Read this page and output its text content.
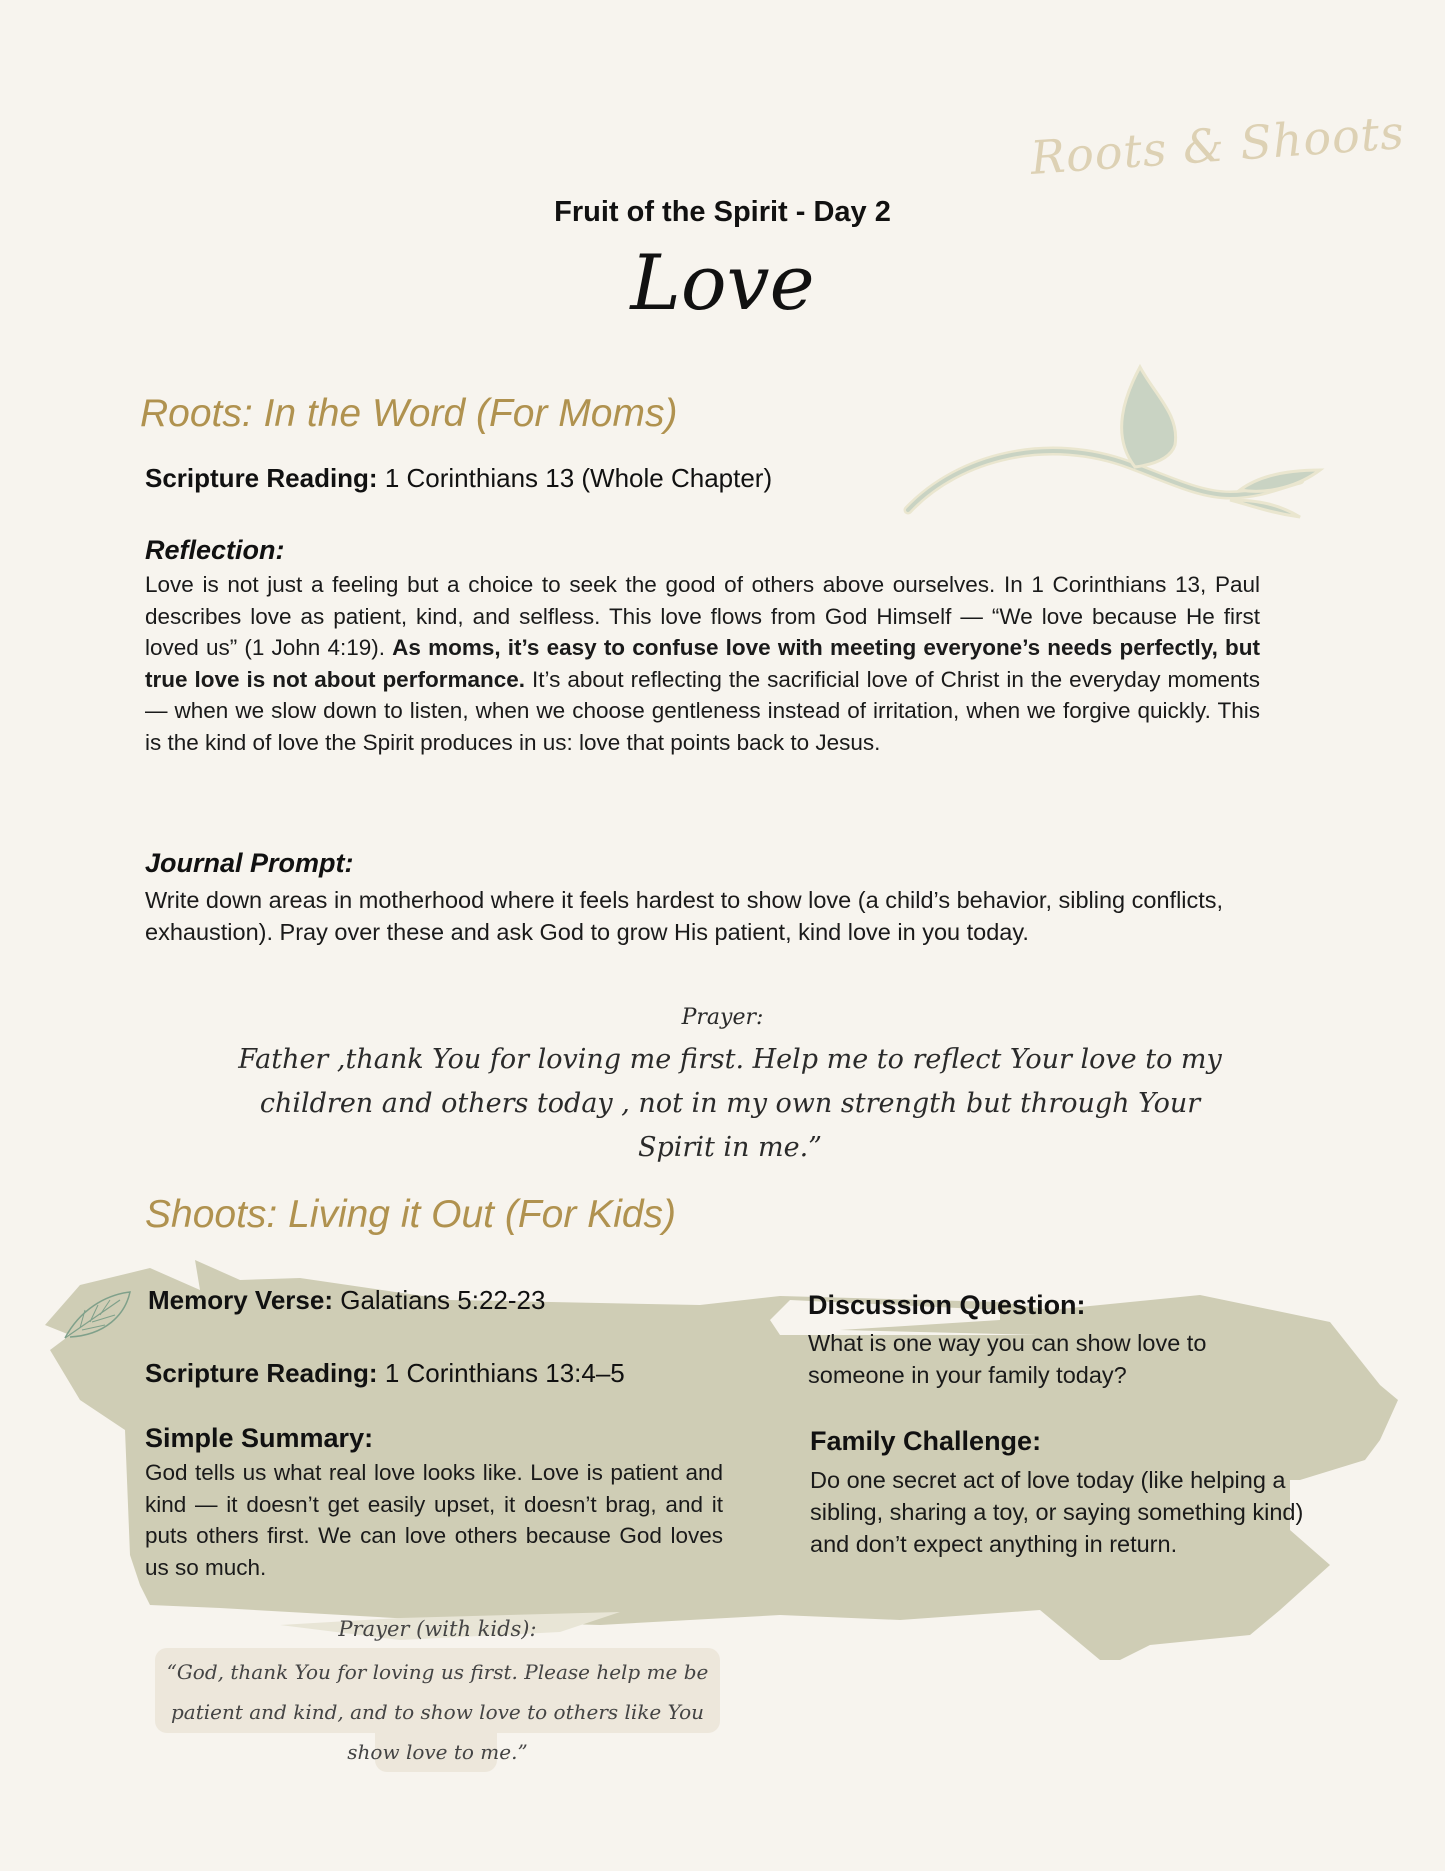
Roots & Shoots
Fruit of the Spirit - Day 2
Love
Roots: In the Word (For Moms)
Scripture Reading: 1 Corinthians 13 (Whole Chapter)
Reflection:
Love is not just a feeling but a choice to seek the good of others above ourselves. In 1 Corinthians 13, Paul describes love as patient, kind, and selfless. This love flows from God Himself — “We love because He first loved us” (1 John 4:19). As moms, it’s easy to confuse love with meeting everyone’s needs perfectly, but true love is not about performance. It’s about reflecting the sacrificial love of Christ in the everyday moments — when we slow down to listen, when we choose gentleness instead of irritation, when we forgive quickly. This is the kind of love the Spirit produces in us: love that points back to Jesus.
Journal Prompt:
Write down areas in motherhood where it feels hardest to show love (a child’s behavior, sibling conflicts, exhaustion). Pray over these and ask God to grow His patient, kind love in you today.
Prayer:
Father ,thank You for loving me first. Help me to reflect Your love to my children and others today , not in my own strength but through Your Spirit in me.”
Shoots: Living it Out (For Kids)
Memory Verse: Galatians 5:22-23
Scripture Reading: 1 Corinthians 13:4–5
Simple Summary:
God tells us what real love looks like. Love is patient and kind — it doesn’t get easily upset, it doesn’t brag, and it puts others first. We can love others because God loves us so much.
Discussion Question:
What is one way you can show love to someone in your family today?
Family Challenge:
Do one secret act of love today (like helping a sibling, sharing a toy, or saying something kind) and don’t expect anything in return.
Prayer (with kids):
“God, thank You for loving us first. Please help me be patient and kind, and to show love to others like You show love to me.”
